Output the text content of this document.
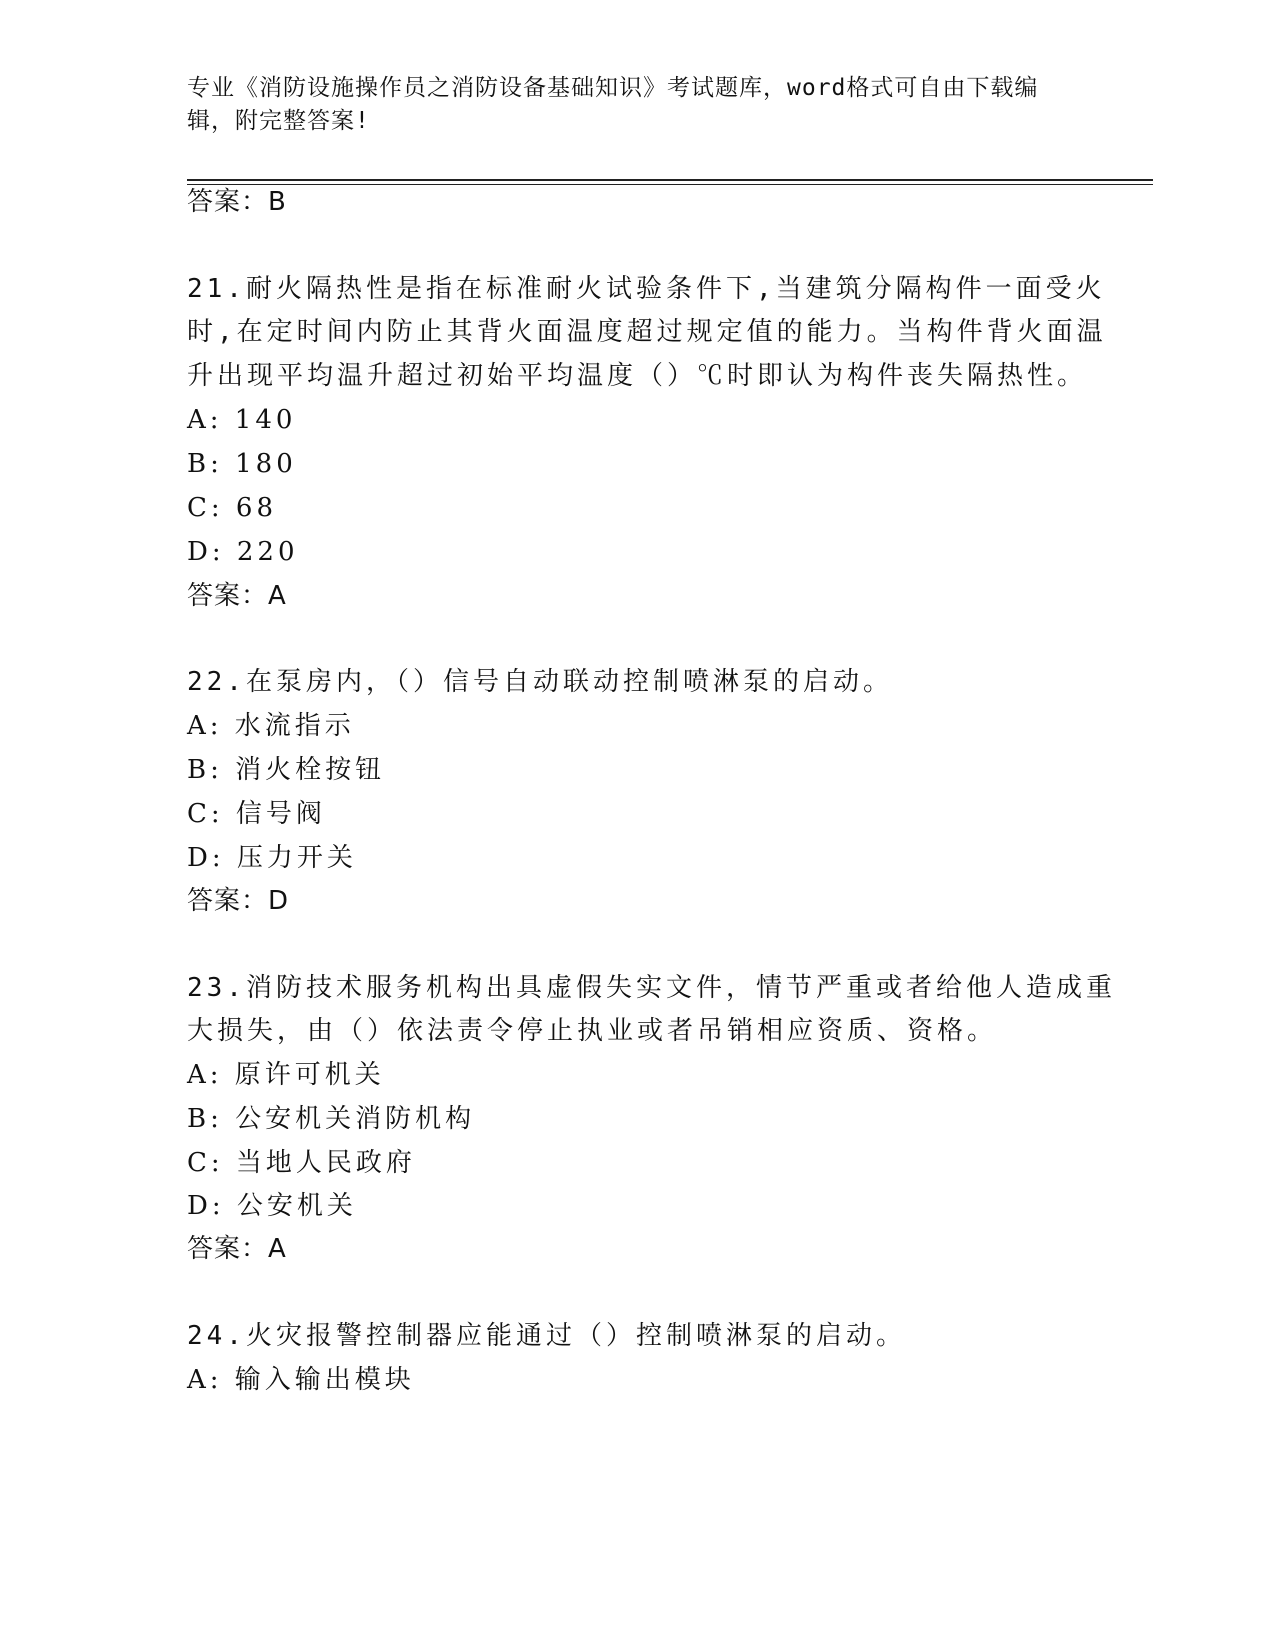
专业《消防设施操作员之消防设备基础知识》考试题库，word格式可自由下载编
辑，附完整答案!
答案：B
21.耐火隔热性是指在标准耐火试验条件下,当建筑分隔构件一面受火
时,在定时间内防止其背火面温度超过规定值的能力。当构件背火面温
升出现平均温升超过初始平均温度（）℃时即认为构件丧失隔热性。
A: 140
B: 180
C: 68
D: 220
答案：A
22.在泵房内，（）信号自动联动控制喷淋泵的启动。
A: 水流指示
B: 消火栓按钮
C: 信号阀
D: 压力开关
答案：D
23.消防技术服务机构出具虚假失实文件，情节严重或者给他人造成重
大损失，由（）依法责令停止执业或者吊销相应资质、资格。
A: 原许可机关
B: 公安机关消防机构
C: 当地人民政府
D: 公安机关
答案：A
24.火灾报警控制器应能通过（）控制喷淋泵的启动。
A: 输入输出模块
